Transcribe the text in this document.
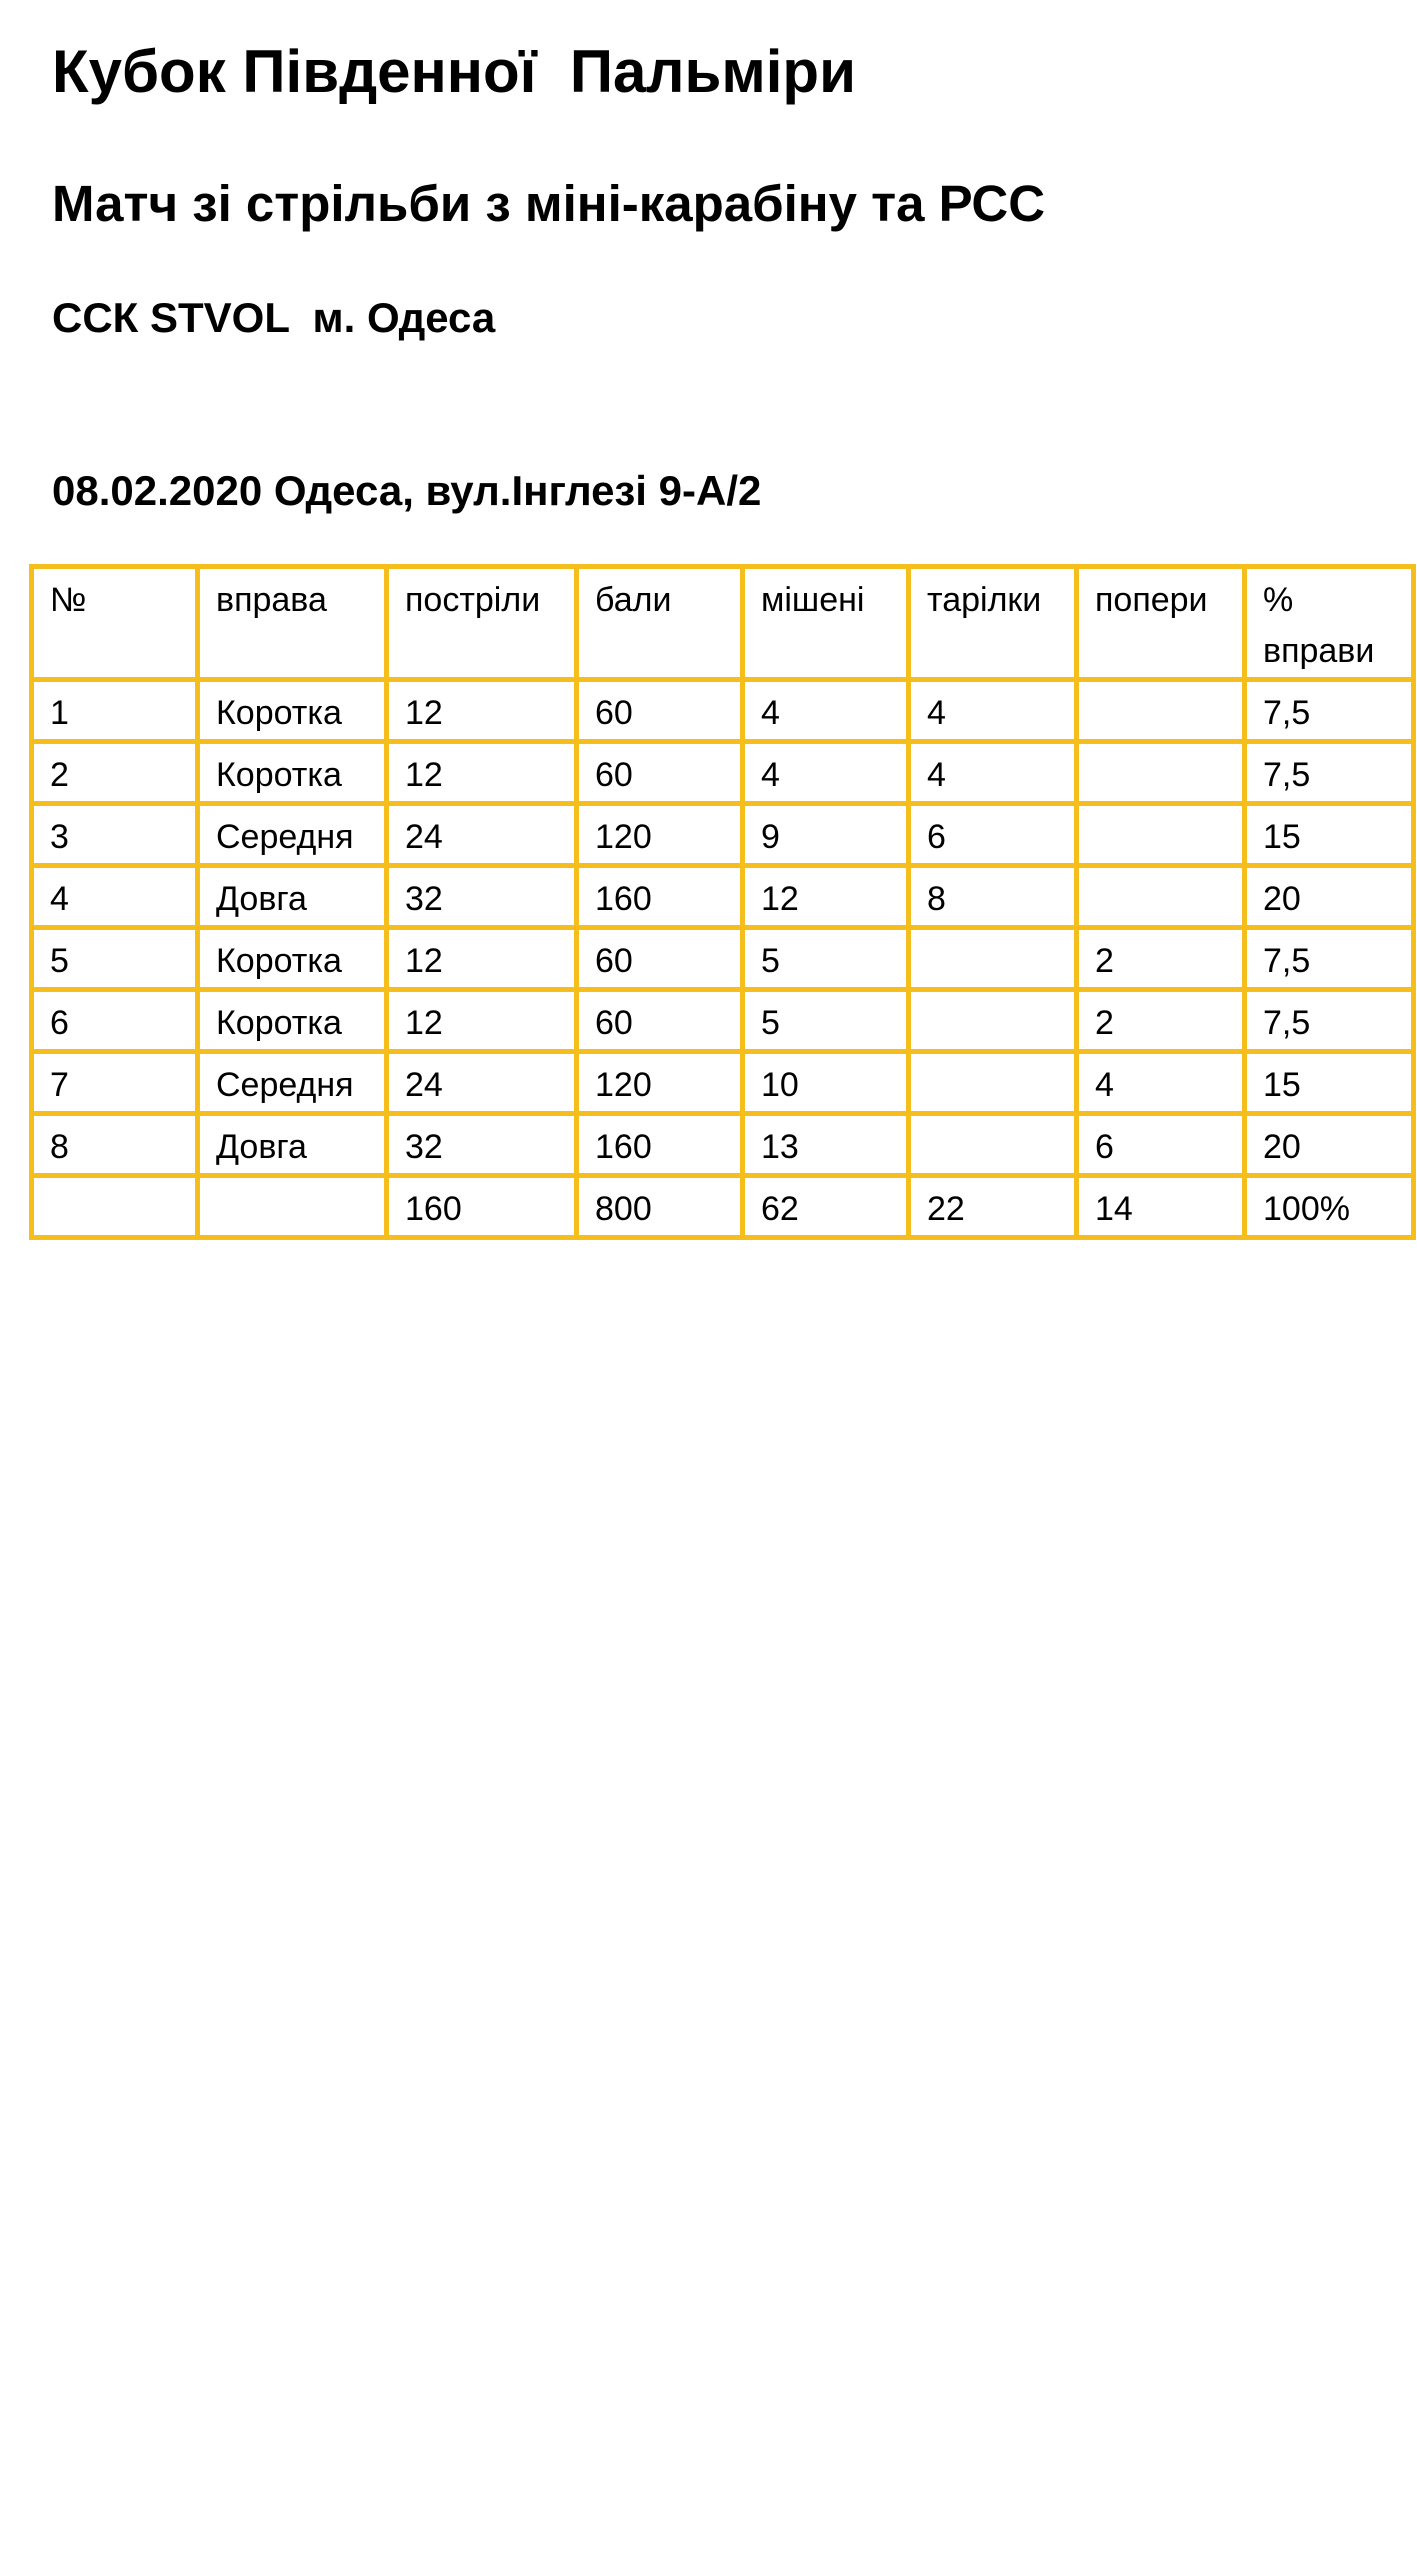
Кубок Південної  Пальміри
Матч зі стрільби з міні-карабіну та РСС
ССК STVOL  м. Одеса
08.02.2020 Одеса, вул.Інглезі 9-А/2
№	вправа	постріли	бали	мішені	тарілки	попери	% вправи
1	Коротка	12	60	4	4		7,5
2	Коротка	12	60	4	4		7,5
3	Середня	24	120	9	6		15
4	Довга	32	160	12	8		20
5	Коротка	12	60	5		2	7,5
6	Коротка	12	60	5		2	7,5
7	Середня	24	120	10		4	15
8	Довга	32	160	13		6	20
		160	800	62	22	14	100%
